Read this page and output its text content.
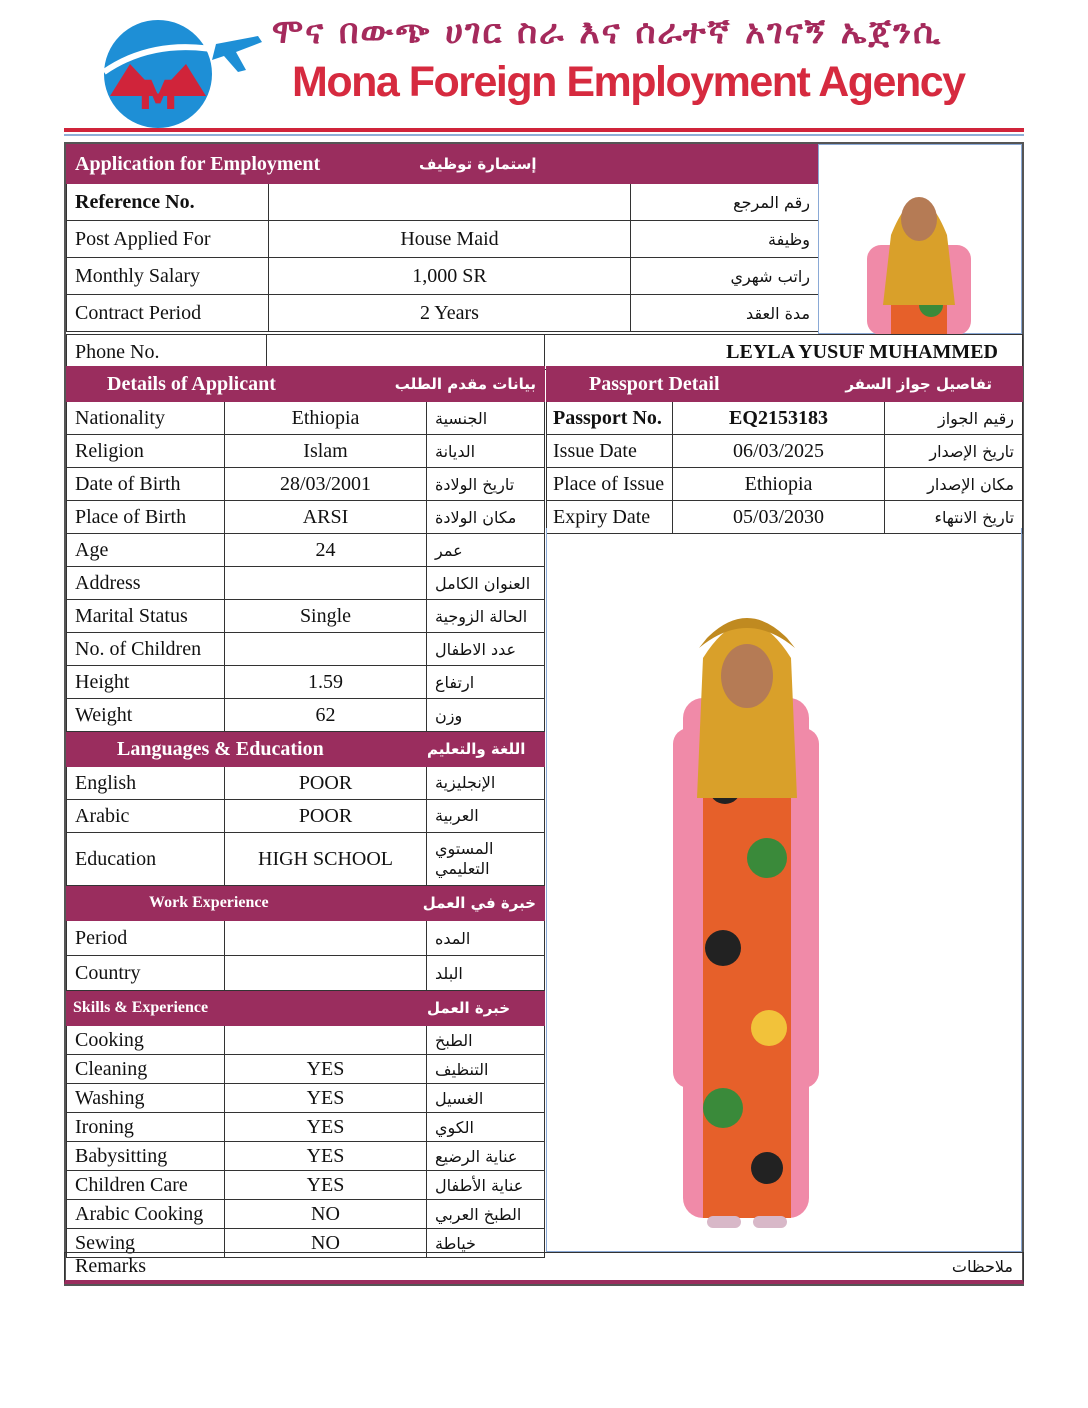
M
ሞና በውጭ ሀገር ስራ እና ሰራተኛ አገናኝ ኤጀንሲ
Mona Foreign Employment Agency
Application for Employment	إستمارة توظيف	
Reference No.		رقم المرجع
Post Applied For	House Maid	وظيفة
Monthly Salary	1,000 SR	راتب شهري
Contract Period	2 Years	مدة العقد
Phone No.		LEYLA YUSUF MUHAMMED
Details of Applicant		بيانات مقدم الطلب
Nationality	Ethiopia	الجنسية
Religion	Islam	الديانة
Date of Birth	28/03/2001	تاريخ الولادة
Place of Birth	ARSI	مكان الولادة
Age	24	عمر
Address		العنوان الكامل
Marital Status	Single	الحالة الزوجية
No. of Children		عدد الاطفال
Height	1.59	ارتفاع
Weight	62	وزن
Languages & Education		اللغة والتعليم
English	POOR	الإنجليزية
Arabic	POOR	العربية
Education	HIGH SCHOOL	المستوي التعليمي
Work Experience		خبرة في العمل
Period		المده
Country		البلد
Skills & Experience		خبرة العمل
Cooking		الطبخ
Cleaning	YES	التنظيف
Washing	YES	الغسيل
Ironing	YES	الكوي
Babysitting	YES	عناية الرضيع
Children Care	YES	عناية الأطفال
Arabic Cooking	NO	الطبخ العربي
Sewing	NO	خياطة
Passport Detail	تفاصيل جواز السفر	
Passport No.	EQ2153183	رقيم الجواز
Issue Date	06/03/2025	تاريخ الإصدار
Place of Issue	Ethiopia	مكان الإصدار
Expiry Date	05/03/2030	تاريخ الانتهاء
Remarks	ملاحظات
